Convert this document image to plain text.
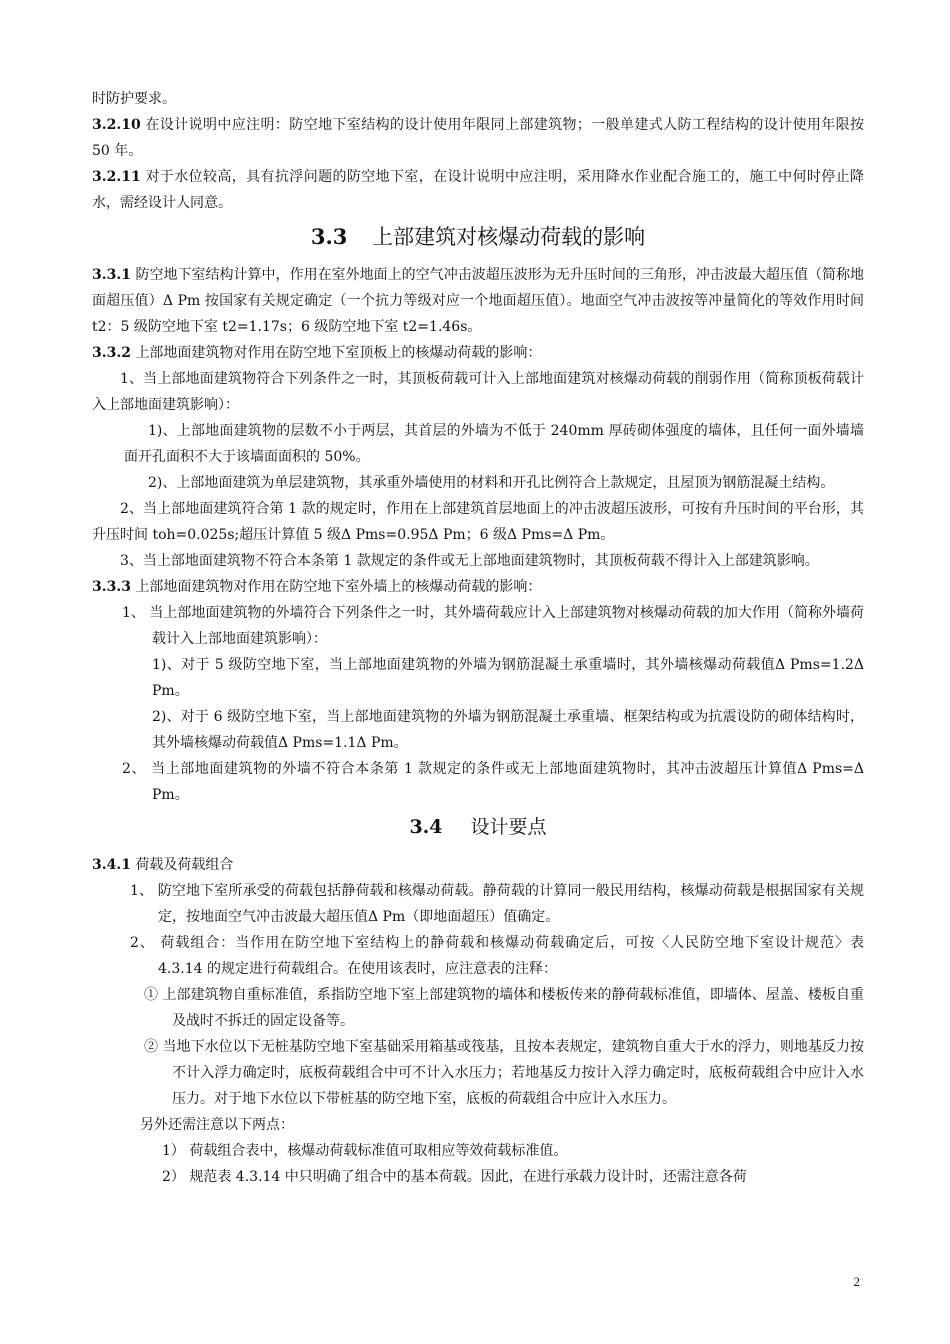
时防护要求。

3.2.10 在设计说明中应注明：防空地下室结构的设计使用年限同上部建筑物；一般单建式人防工程结构的设计使用年限按 50 年。

3.2.11 对于水位较高，具有抗浮问题的防空地下室，在设计说明中应注明，采用降水作业配合施工的，施工中何时停止降水，需经设计人同意。

3.3 上部建筑对核爆动荷载的影响

3.3.1 防空地下室结构计算中，作用在室外地面上的空气冲击波超压波形为无升压时间的三角形，冲击波最大超压值（简称地面超压值）Δ Pm 按国家有关规定确定（一个抗力等级对应一个地面超压值）。地面空气冲击波按等冲量简化的等效作用时间 t2：5 级防空地下室 t2=1.17s；6 级防空地下室 t2=1.46s。

3.3.2 上部地面建筑物对作用在防空地下室顶板上的核爆动荷载的影响：

1、当上部地面建筑物符合下列条件之一时，其顶板荷载可计入上部地面建筑对核爆动荷载的削弱作用（简称顶板荷载计入上部地面建筑影响）：

1)、上部地面建筑物的层数不小于两层，其首层的外墙为不低于 240mm 厚砖砌体强度的墙体，且任何一面外墙墙面开孔面积不大于该墙面面积的 50%。

2)、上部地面建筑为单层建筑物，其承重外墙使用的材料和开孔比例符合上款规定，且屋顶为钢筋混凝土结构。

2、当上部地面建筑符合第 1 款的规定时，作用在上部建筑首层地面上的冲击波超压波形，可按有升压时间的平台形，其升压时间 toh=0.025s;超压计算值 5 级Δ Pms=0.95Δ Pm；6 级Δ Pms=Δ Pm。

3、当上部地面建筑物不符合本条第 1 款规定的条件或无上部地面建筑物时，其顶板荷载不得计入上部建筑影响。

3.3.3 上部地面建筑物对作用在防空地下室外墙上的核爆动荷载的影响：

1、 当上部地面建筑物的外墙符合下列条件之一时，其外墙荷载应计入上部建筑物对核爆动荷载的加大作用（简称外墙荷载计入上部地面建筑影响）：

1)、对于 5 级防空地下室，当上部地面建筑物的外墙为钢筋混凝土承重墙时，其外墙核爆动荷载值Δ Pms=1.2Δ Pm。

2)、对于 6 级防空地下室，当上部地面建筑物的外墙为钢筋混凝土承重墙、框架结构或为抗震设防的砌体结构时，其外墙核爆动荷载值Δ Pms=1.1Δ Pm。

2、 当上部地面建筑物的外墙不符合本条第 1 款规定的条件或无上部地面建筑物时，其冲击波超压计算值Δ Pms=Δ Pm。

3.4 设计要点

3.4.1 荷载及荷载组合

1、 防空地下室所承受的荷载包括静荷载和核爆动荷载。静荷载的计算同一般民用结构，核爆动荷载是根据国家有关规定，按地面空气冲击波最大超压值Δ Pm（即地面超压）值确定。

2、 荷载组合：当作用在防空地下室结构上的静荷载和核爆动荷载确定后，可按〈人民防空地下室设计规范〉表 4.3.14 的规定进行荷载组合。在使用该表时，应注意表的注释：

① 上部建筑物自重标准值，系指防空地下室上部建筑物的墙体和楼板传来的静荷载标准值，即墙体、屋盖、楼板自重及战时不拆迁的固定设备等。

② 当地下水位以下无桩基防空地下室基础采用箱基或筏基，且按本表规定，建筑物自重大于水的浮力，则地基反力按不计入浮力确定时，底板荷载组合中可不计入水压力；若地基反力按计入浮力确定时，底板荷载组合中应计入水压力。对于地下水位以下带桩基的防空地下室，底板的荷载组合中应计入水压力。

另外还需注意以下两点：

1） 荷载组合表中，核爆动荷载标准值可取相应等效荷载标准值。

2） 规范表 4.3.14 中只明确了组合中的基本荷载。因此，在进行承载力设计时，还需注意各荷

2
